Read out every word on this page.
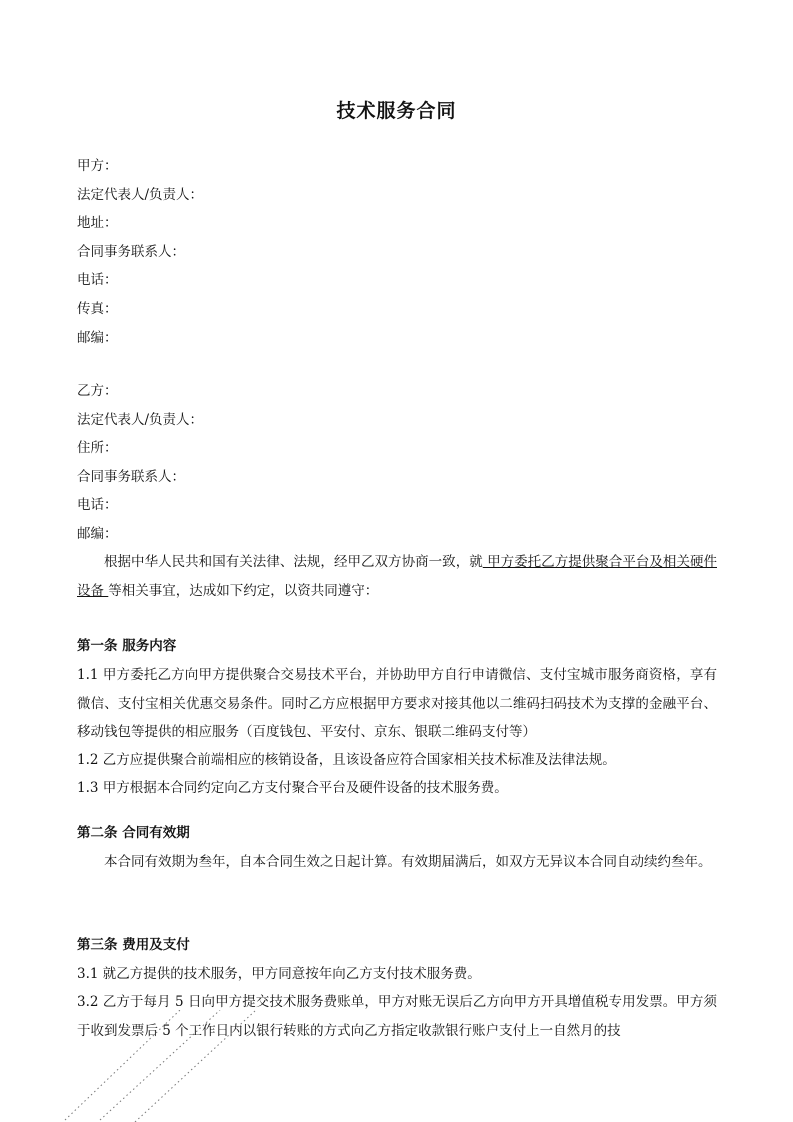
技术服务合同
甲方：
法定代表人/负责人：
地址：
合同事务联系人：
电话：
传真：
邮编：
乙方：
法定代表人/负责人：
住所：
合同事务联系人：
电话：
邮编：
根据中华人民共和国有关法律、法规，经甲乙双方协商一致，就 甲方委托乙方提供聚合平台及相关硬件设备 等相关事宜，达成如下约定，以资共同遵守：
第一条 服务内容
1.1 甲方委托乙方向甲方提供聚合交易技术平台，并协助甲方自行申请微信、支付宝城市服务商资格，享有微信、支付宝相关优惠交易条件。同时乙方应根据甲方要求对接其他以二维码扫码技术为支撑的金融平台、移动钱包等提供的相应服务（百度钱包、平安付、京东、银联二维码支付等）
1.2 乙方应提供聚合前端相应的核销设备，且该设备应符合国家相关技术标准及法律法规。
1.3 甲方根据本合同约定向乙方支付聚合平台及硬件设备的技术服务费。
第二条 合同有效期
本合同有效期为叁年，自本合同生效之日起计算。有效期届满后，如双方无异议本合同自动续约叁年。
第三条 费用及支付
3.1 就乙方提供的技术服务，甲方同意按年向乙方支付技术服务费。
3.2 乙方于每月 5 日向甲方提交技术服务费账单，甲方对账无误后乙方向甲方开具增值税专用发票。甲方须于收到发票后 5 个工作日内以银行转账的方式向乙方指定收款银行账户支付上一自然月的技
